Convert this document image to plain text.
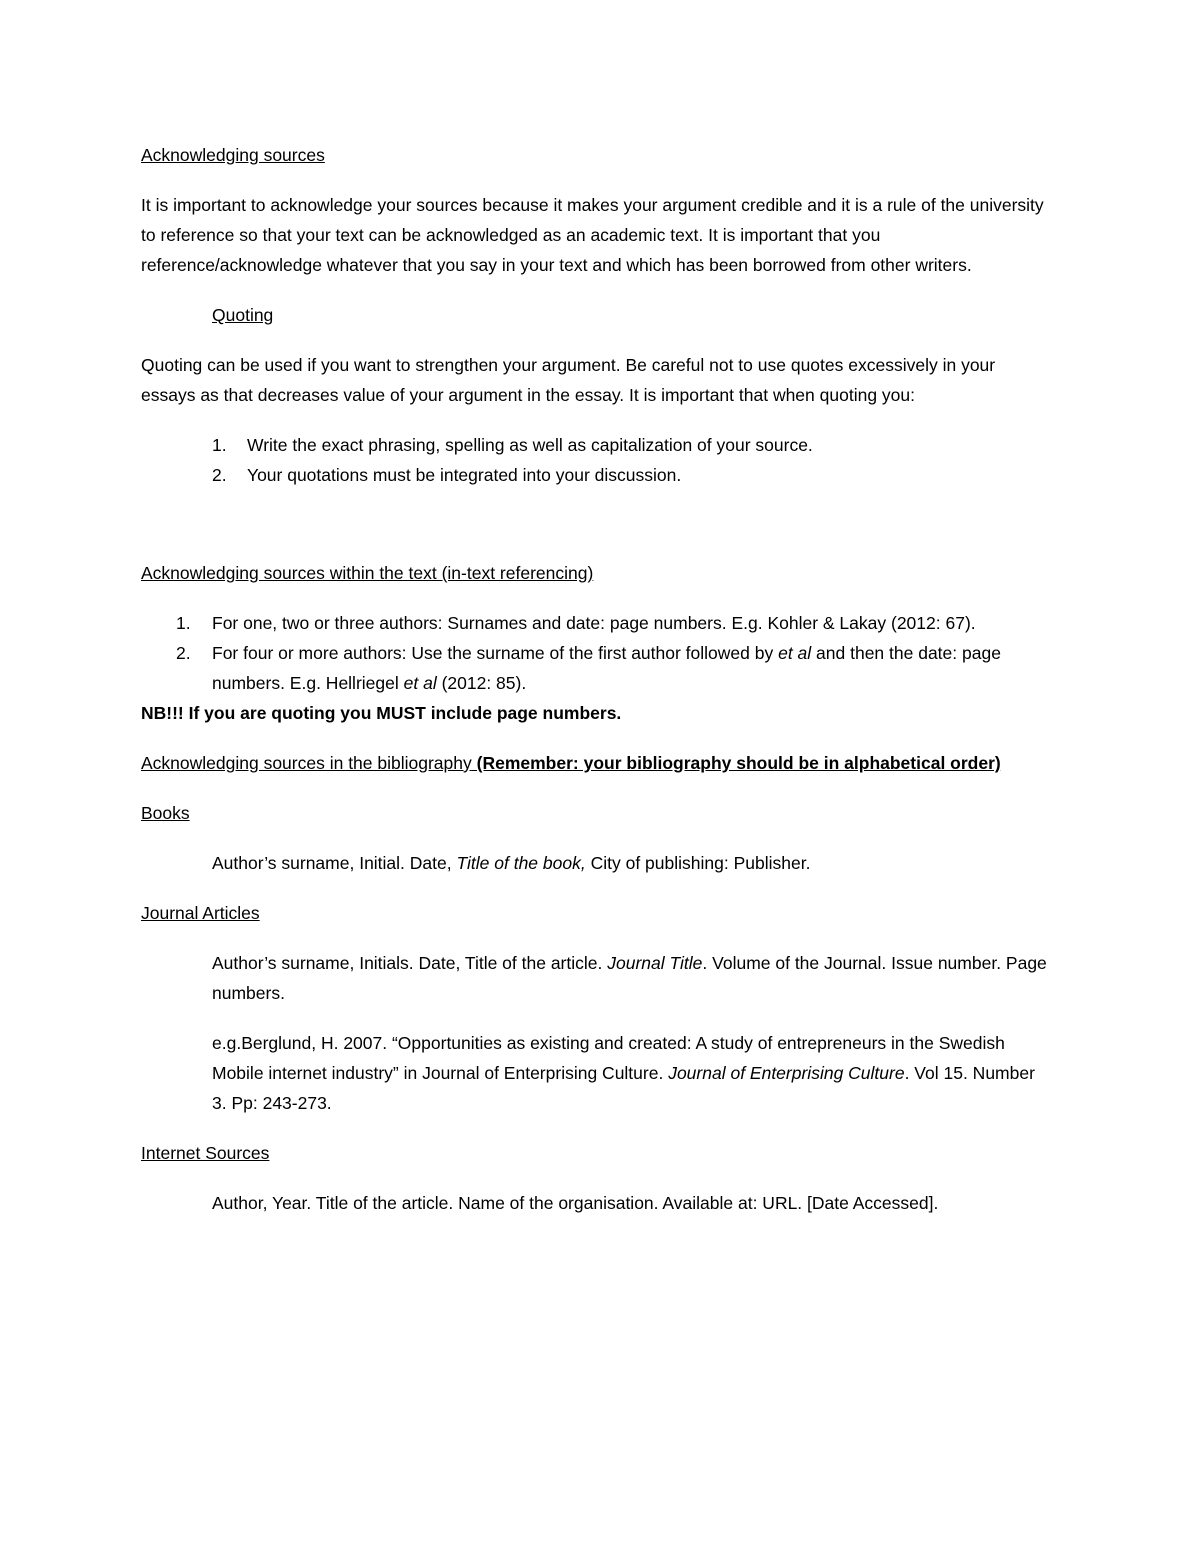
Acknowledging sources

It is important to acknowledge your sources because it makes your argument credible and it is a rule of the university to reference so that your text can be acknowledged as an academic text. It is important that you reference/acknowledge whatever that you say in your text and which has been borrowed from other writers.

Quoting

Quoting can be used if you want to strengthen your argument. Be careful not to use quotes excessively in your essays as that decreases value of your argument in the essay. It is important that when quoting you:

1. Write the exact phrasing, spelling as well as capitalization of your source.
2. Your quotations must be integrated into your discussion.

Acknowledging sources within the text (in-text referencing)

1. For one, two or three authors: Surnames and date: page numbers. E.g. Kohler & Lakay (2012: 67).
2. For four or more authors: Use the surname of the first author followed by et al and then the date: page numbers. E.g. Hellriegel et al (2012: 85).

NB!!! If you are quoting you MUST include page numbers.

Acknowledging sources in the bibliography (Remember: your bibliography should be in alphabetical order)

Books

Author’s surname, Initial. Date, Title of the book, City of publishing: Publisher.

Journal Articles

Author’s surname, Initials. Date, Title of the article. Journal Title. Volume of the Journal. Issue number. Page numbers.

e.g.Berglund, H. 2007. “Opportunities as existing and created: A study of entrepreneurs in the Swedish Mobile internet industry” in Journal of Enterprising Culture. Journal of Enterprising Culture. Vol 15. Number 3. Pp: 243-273.

Internet Sources

Author, Year. Title of the article. Name of the organisation. Available at: URL. [Date Accessed].
